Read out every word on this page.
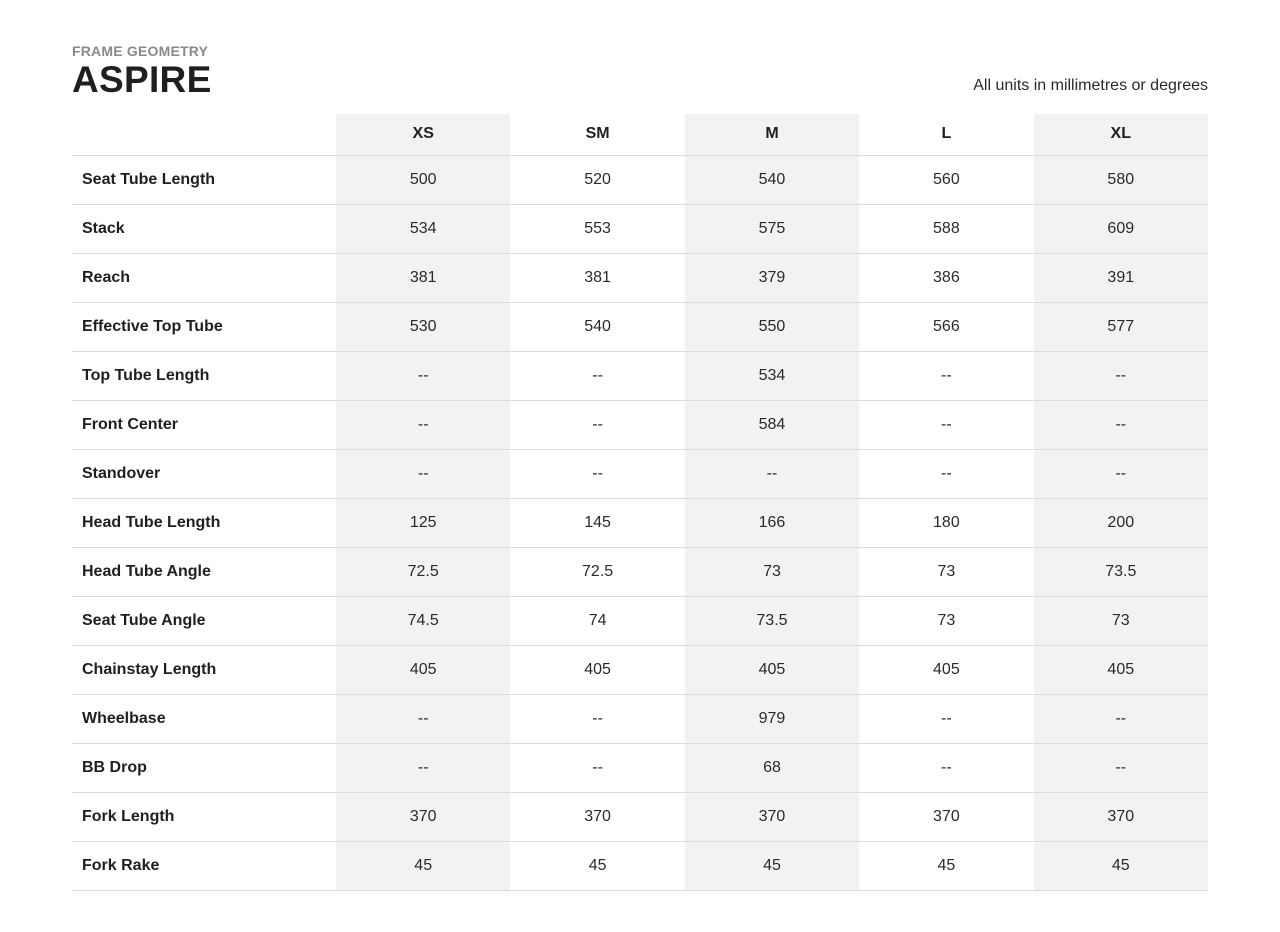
FRAME GEOMETRY
ASPIRE	All units in millimetres or degrees
	XS	SM	M	L	XL
Seat Tube Length	500	520	540	560	580
Stack	534	553	575	588	609
Reach	381	381	379	386	391
Effective Top Tube	530	540	550	566	577
Top Tube Length	--	--	534	--	--
Front Center	--	--	584	--	--
Standover	--	--	--	--	--
Head Tube Length	125	145	166	180	200
Head Tube Angle	72.5	72.5	73	73	73.5
Seat Tube Angle	74.5	74	73.5	73	73
Chainstay Length	405	405	405	405	405
Wheelbase	--	--	979	--	--
BB Drop	--	--	68	--	--
Fork Length	370	370	370	370	370
Fork Rake	45	45	45	45	45
